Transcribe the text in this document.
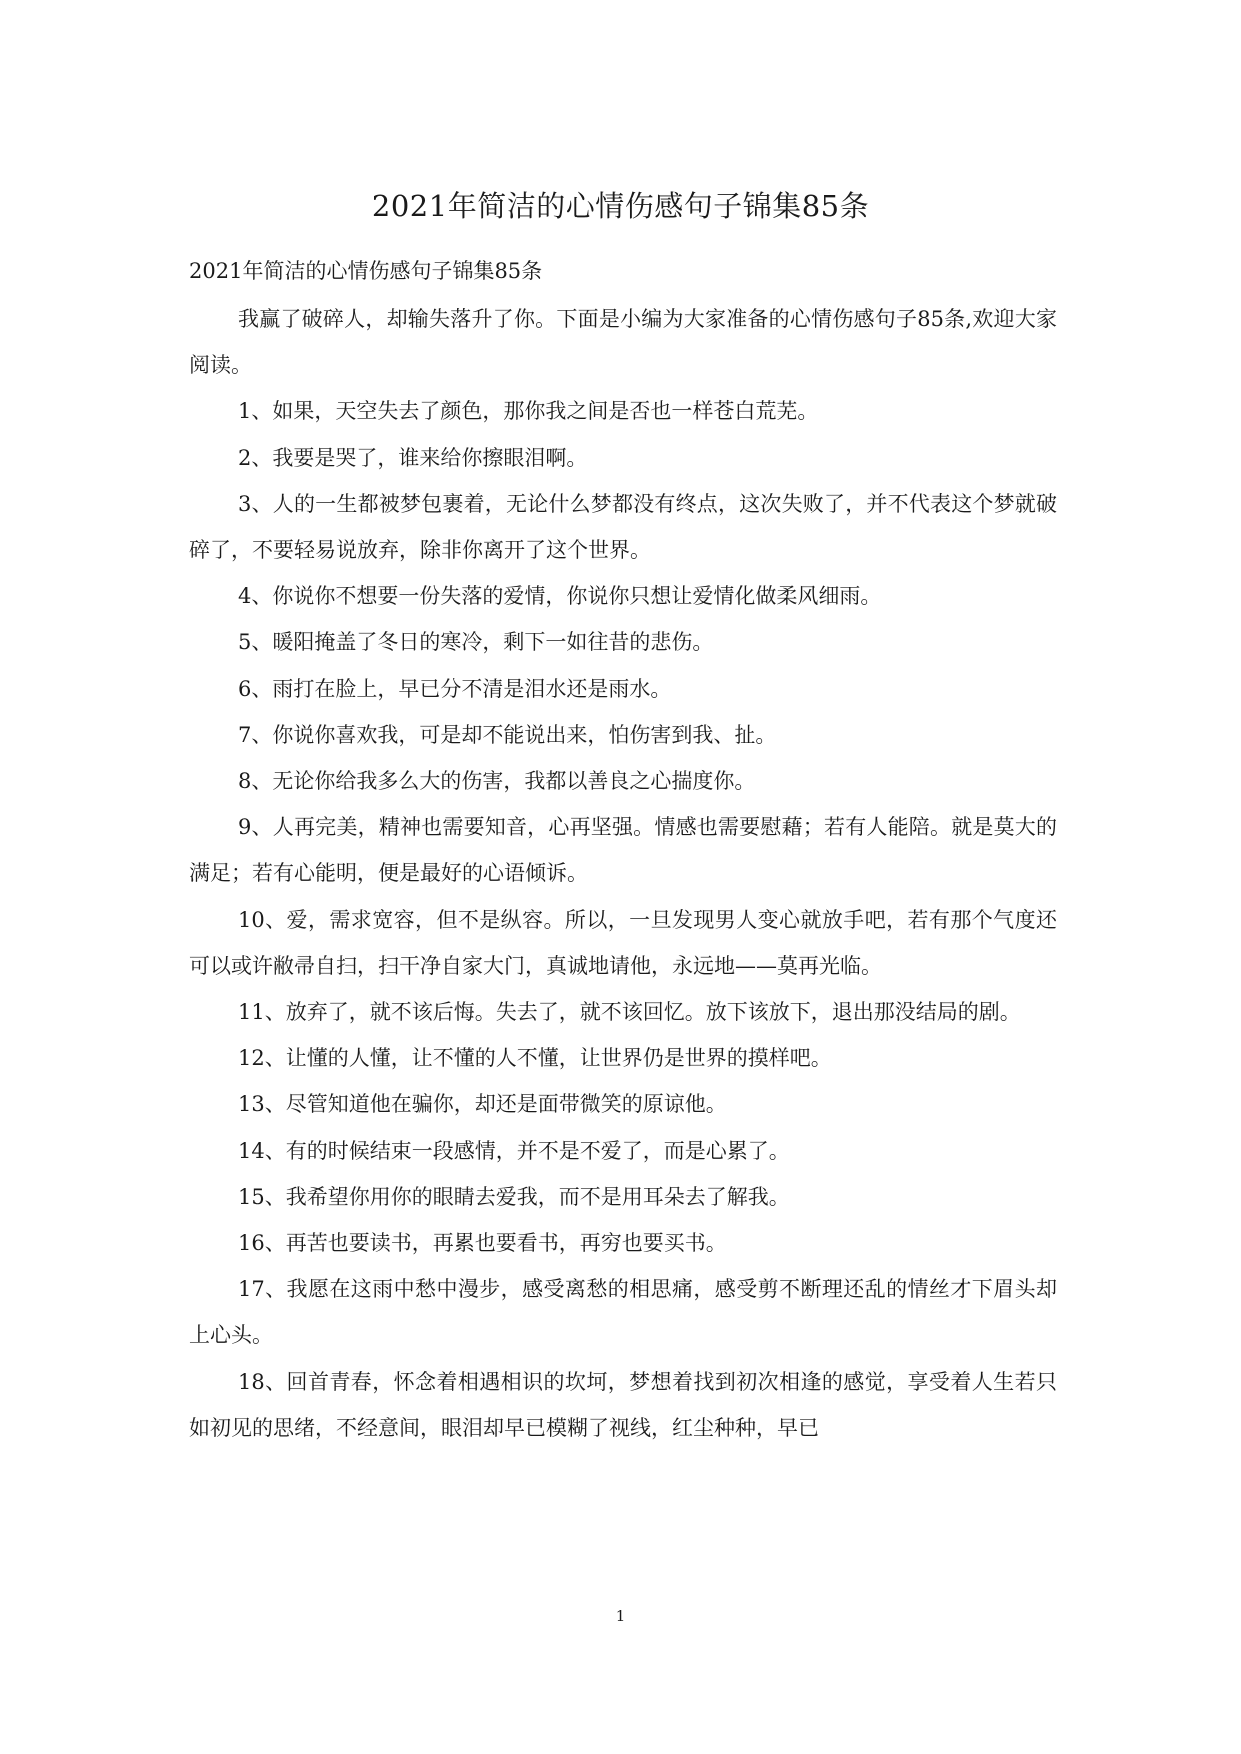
2021年简洁的心情伤感句子锦集85条
2021年简洁的心情伤感句子锦集85条

我赢了破碎人，却输失落升了你。下面是小编为大家准备的心情伤感句子85条,欢迎大家阅读。

1、如果，天空失去了颜色，那你我之间是否也一样苍白荒芜。

2、我要是哭了，谁来给你擦眼泪啊。

3、人的一生都被梦包裹着，无论什么梦都没有终点，这次失败了，并不代表这个梦就破碎了，不要轻易说放弃，除非你离开了这个世界。

4、你说你不想要一份失落的爱情，你说你只想让爱情化做柔风细雨。

5、暖阳掩盖了冬日的寒冷，剩下一如往昔的悲伤。

6、雨打在脸上，早已分不清是泪水还是雨水。

7、你说你喜欢我，可是却不能说出来，怕伤害到我、扯。

8、无论你给我多么大的伤害，我都以善良之心揣度你。

9、人再完美，精神也需要知音，心再坚强。情感也需要慰藉；若有人能陪。就是莫大的满足；若有心能明，便是最好的心语倾诉。

10、爱，需求宽容，但不是纵容。所以，一旦发现男人变心就放手吧，若有那个气度还可以或许敝帚自扫，扫干净自家大门，真诚地请他，永远地——莫再光临。

11、放弃了，就不该后悔。失去了，就不该回忆。放下该放下，退出那没结局的剧。

12、让懂的人懂，让不懂的人不懂，让世界仍是世界的摸样吧。

13、尽管知道他在骗你，却还是面带微笑的原谅他。

14、有的时候结束一段感情，并不是不爱了，而是心累了。

15、我希望你用你的眼睛去爱我，而不是用耳朵去了解我。

16、再苦也要读书，再累也要看书，再穷也要买书。

17、我愿在这雨中愁中漫步，感受离愁的相思痛，感受剪不断理还乱的情丝才下眉头却上心头。

18、回首青春，怀念着相遇相识的坎坷，梦想着找到初次相逢的感觉，享受着人生若只如初见的思绪，不经意间，眼泪却早已模糊了视线，红尘种种，早已

1
